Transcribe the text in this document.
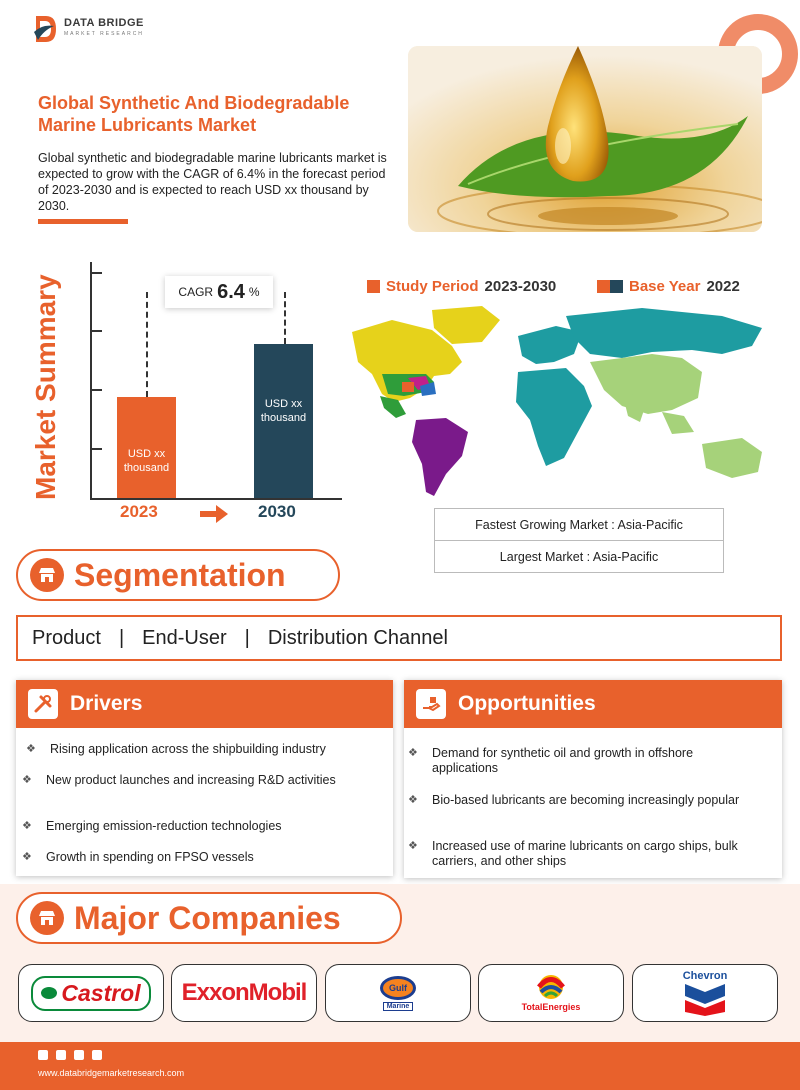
DATA BRIDGE
MARKET RESEARCH
Global Synthetic And Biodegradable Marine Lubricants Market
Global synthetic and biodegradable marine lubricants market is expected to grow with the CAGR of 6.4% in the forecast period of 2023-2030 and is expected to reach USD xx thousand by 2030.
Market Summary	USD xx thousand
USD xx thousand
CAGR 6.4 %
2023	2030
Study Period 2023-2030	Base Year 2022
Fastest Growing Market : Asia-Pacific
Largest Market : Asia-Pacific
Segmentation
Product | End-User | Distribution Channel
Drivers
❖ Rising application across the shipbuilding industry
❖ New product launches and increasing R&D activities
❖ Emerging emission-reduction technologies
❖ Growth in spending on FPSO vessels
Opportunities
❖ Demand for synthetic oil and growth in offshore applications
❖ Bio-based lubricants are becoming increasingly popular
❖ Increased use of marine lubricants on cargo ships, bulk carriers, and other ships
Major Companies
Castrol ExxonMobil	Gulf
Marine	TotalEnergies
Chevron
www.databridgemarketresearch.com
